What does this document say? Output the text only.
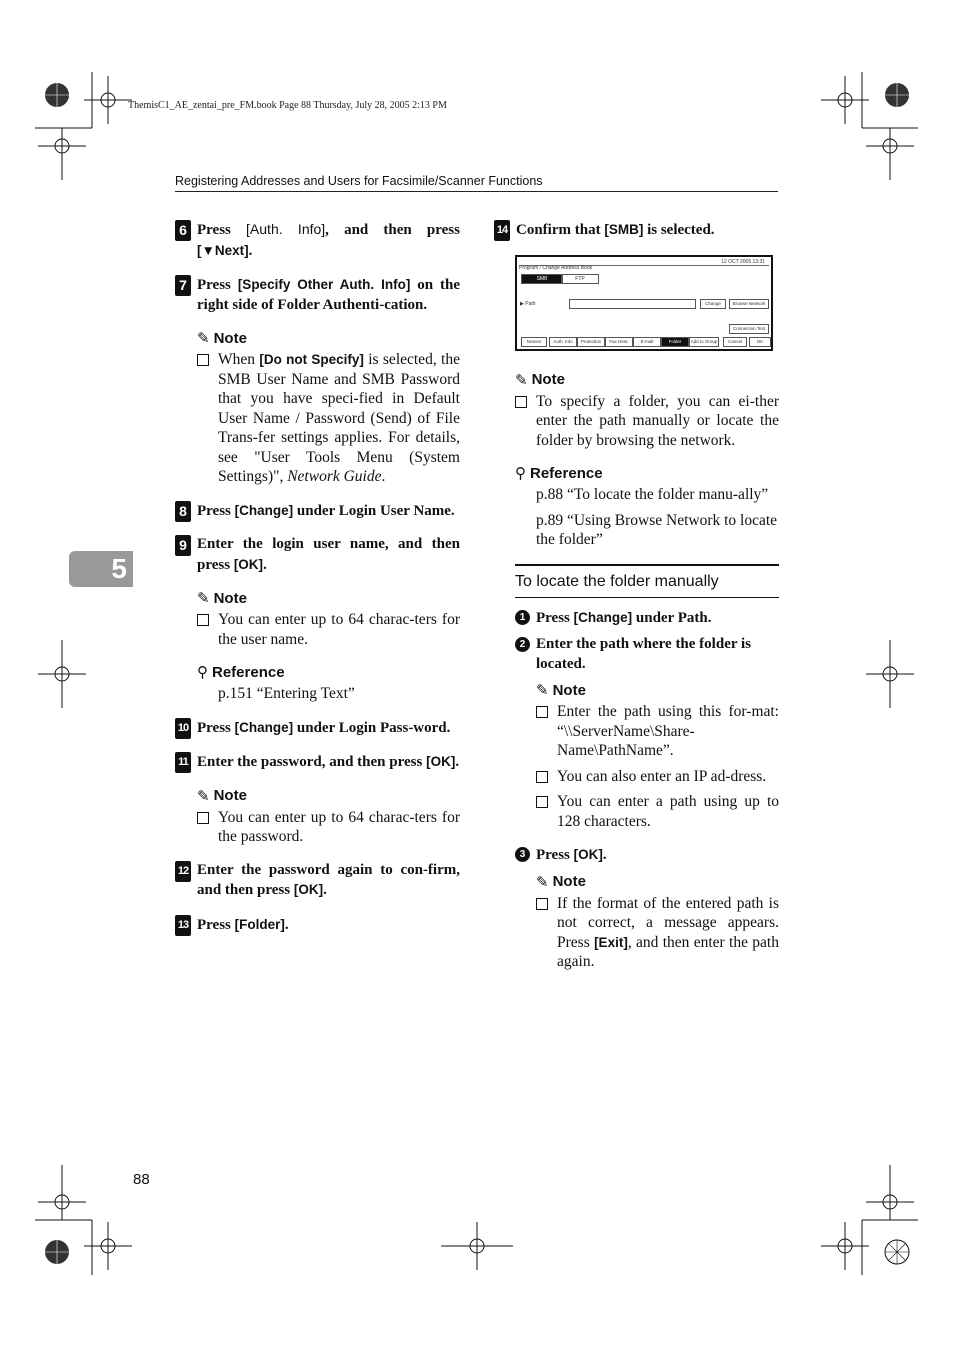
ThemisC1_AE_zentai_pre_FM.book Page 88 Thursday, July 28, 2005 2:13 PM
Registering Addresses and Users for Facsimile/Scanner Functions
5
88
6 Press [Auth. Info], and then press [▼Next].
7 Press [Specify Other Auth. Info] on the right side of Folder Authenti-cation.
✎ Note
When [Do not Specify] is selected, the SMB User Name and SMB Password that you have speci-fied in Default User Name / Password (Send) of File Trans-fer settings applies. For details, see "User Tools Menu (System Settings)", Network Guide.
8 Press [Change] under Login User Name.
9 Enter the login user name, and then press [OK].
✎ Note
You can enter up to 64 charac-ters for the user name.
⚲ Reference
p.151 “Entering Text”
10 Press [Change] under Login Pass-word.
11 Enter the password, and then press [OK].
✎ Note
You can enter up to 64 charac-ters for the password.
12 Enter the password again to con-firm, and then press [OK].
13 Press [Folder].
14 Confirm that [SMB] is selected.
12 OCT 2005 13:31
Program / Change Address Book
SMB	FTP
▶ Path	Change	Browse Network
Connection Test
Names	Auth. Info	Protection	Fax Dest.	E-mail	Folder	Add to Group	Cancel	OK
✎ Note
To specify a folder, you can ei-ther enter the path manually or locate the folder by browsing the network.
⚲ Reference
p.88 “To locate the folder manu-ally”
p.89 “Using Browse Network to locate the folder”
To locate the folder manually
1 Press [Change] under Path.
2 Enter the path where the folder is located.
✎ Note
Enter the path using this for-mat: “\\ServerName\Share-Name\PathName”.
You can also enter an IP ad-dress.
You can enter a path using up to 128 characters.
3 Press [OK].
✎ Note
If the format of the entered path is not correct, a message appears. Press [Exit], and then enter the path again.
